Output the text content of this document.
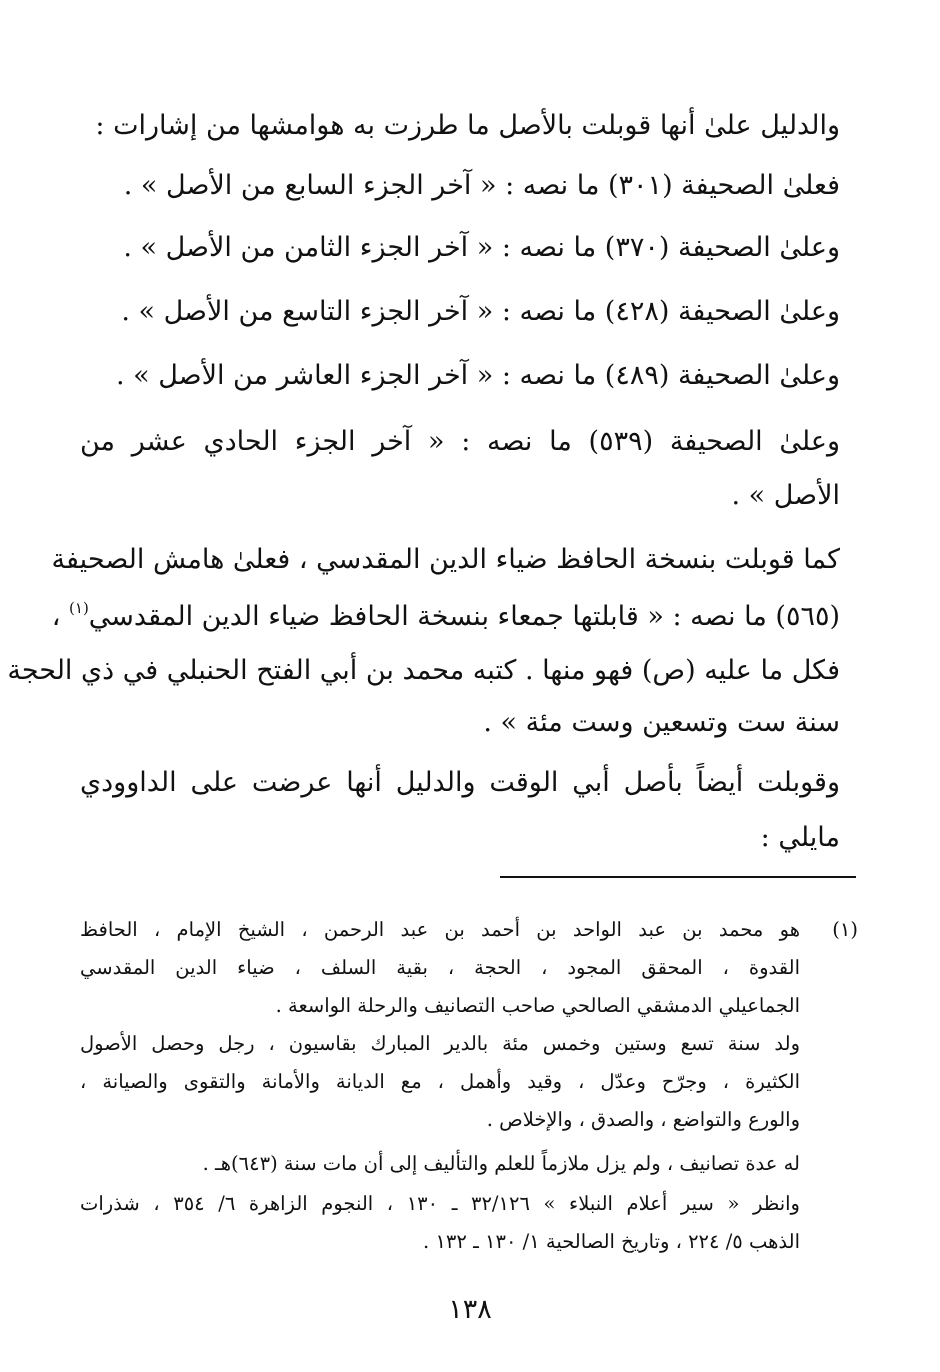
والدليل علىٰ أنها قوبلت بالأصل ما طرزت به هوامشها من إشارات :
فعلىٰ الصحيفة (٣٠١) ما نصه : « آخر الجزء السابع من الأصل » .
وعلىٰ الصحيفة (٣٧٠) ما نصه : « آخر الجزء الثامن من الأصل » .
وعلىٰ الصحيفة (٤٢٨) ما نصه : « آخر الجزء التاسع من الأصل » .
وعلىٰ الصحيفة (٤٨٩) ما نصه : « آخر الجزء العاشر من الأصل » .
وعلىٰ الصحيفة (٥٣٩) ما نصه : « آخر الجزء الحادي عشر من
الأصل » .
كما قوبلت بنسخة الحافظ ضياء الدين المقدسي ، فعلىٰ هامش الصحيفة
(٥٦٥) ما نصه : « قابلتها جمعاء بنسخة الحافظ ضياء الدين المقدسي$^{(١)}$ ،
فكل ما عليه (ص) فهو منها . كتبه محمد بن أبي الفتح الحنبلي في ذي الحجة
سنة ست وتسعين وست مئة » .
وقوبلت أيضاً بأصل أبي الوقت والدليل أنها عرضت على الداوودي
مايلي :
(١)
هو محمد بن عبد الواحد بن أحمد بن عبد الرحمن ، الشيخ الإمام ، الحافظ
القدوة ، المحقق المجود ، الحجة ، بقية السلف ، ضياء الدين المقدسي
الجماعيلي الدمشقي الصالحي صاحب التصانيف والرحلة الواسعة .
ولد سنة تسع وستين وخمس مئة بالدير المبارك بقاسيون ، رجل وحصل الأصول
الكثيرة ، وجرّح وعدّل ، وقيد وأهمل ، مع الديانة والأمانة والتقوى والصيانة ،
والورع والتواضع ، والصدق ، والإخلاص .
له عدة تصانيف ، ولم يزل ملازماً للعلم والتأليف إلى أن مات سنة (٦٤٣)هـ .
وانظر « سير أعلام النبلاء » ٣٢/١٢٦ ـ ١٣٠ ، النجوم الزاهرة ٦/ ٣٥٤ ، شذرات
الذهب ٥/ ٢٢٤ ، وتاريخ الصالحية ١/ ١٣٠ ـ ١٣٢ .
١٣٨
